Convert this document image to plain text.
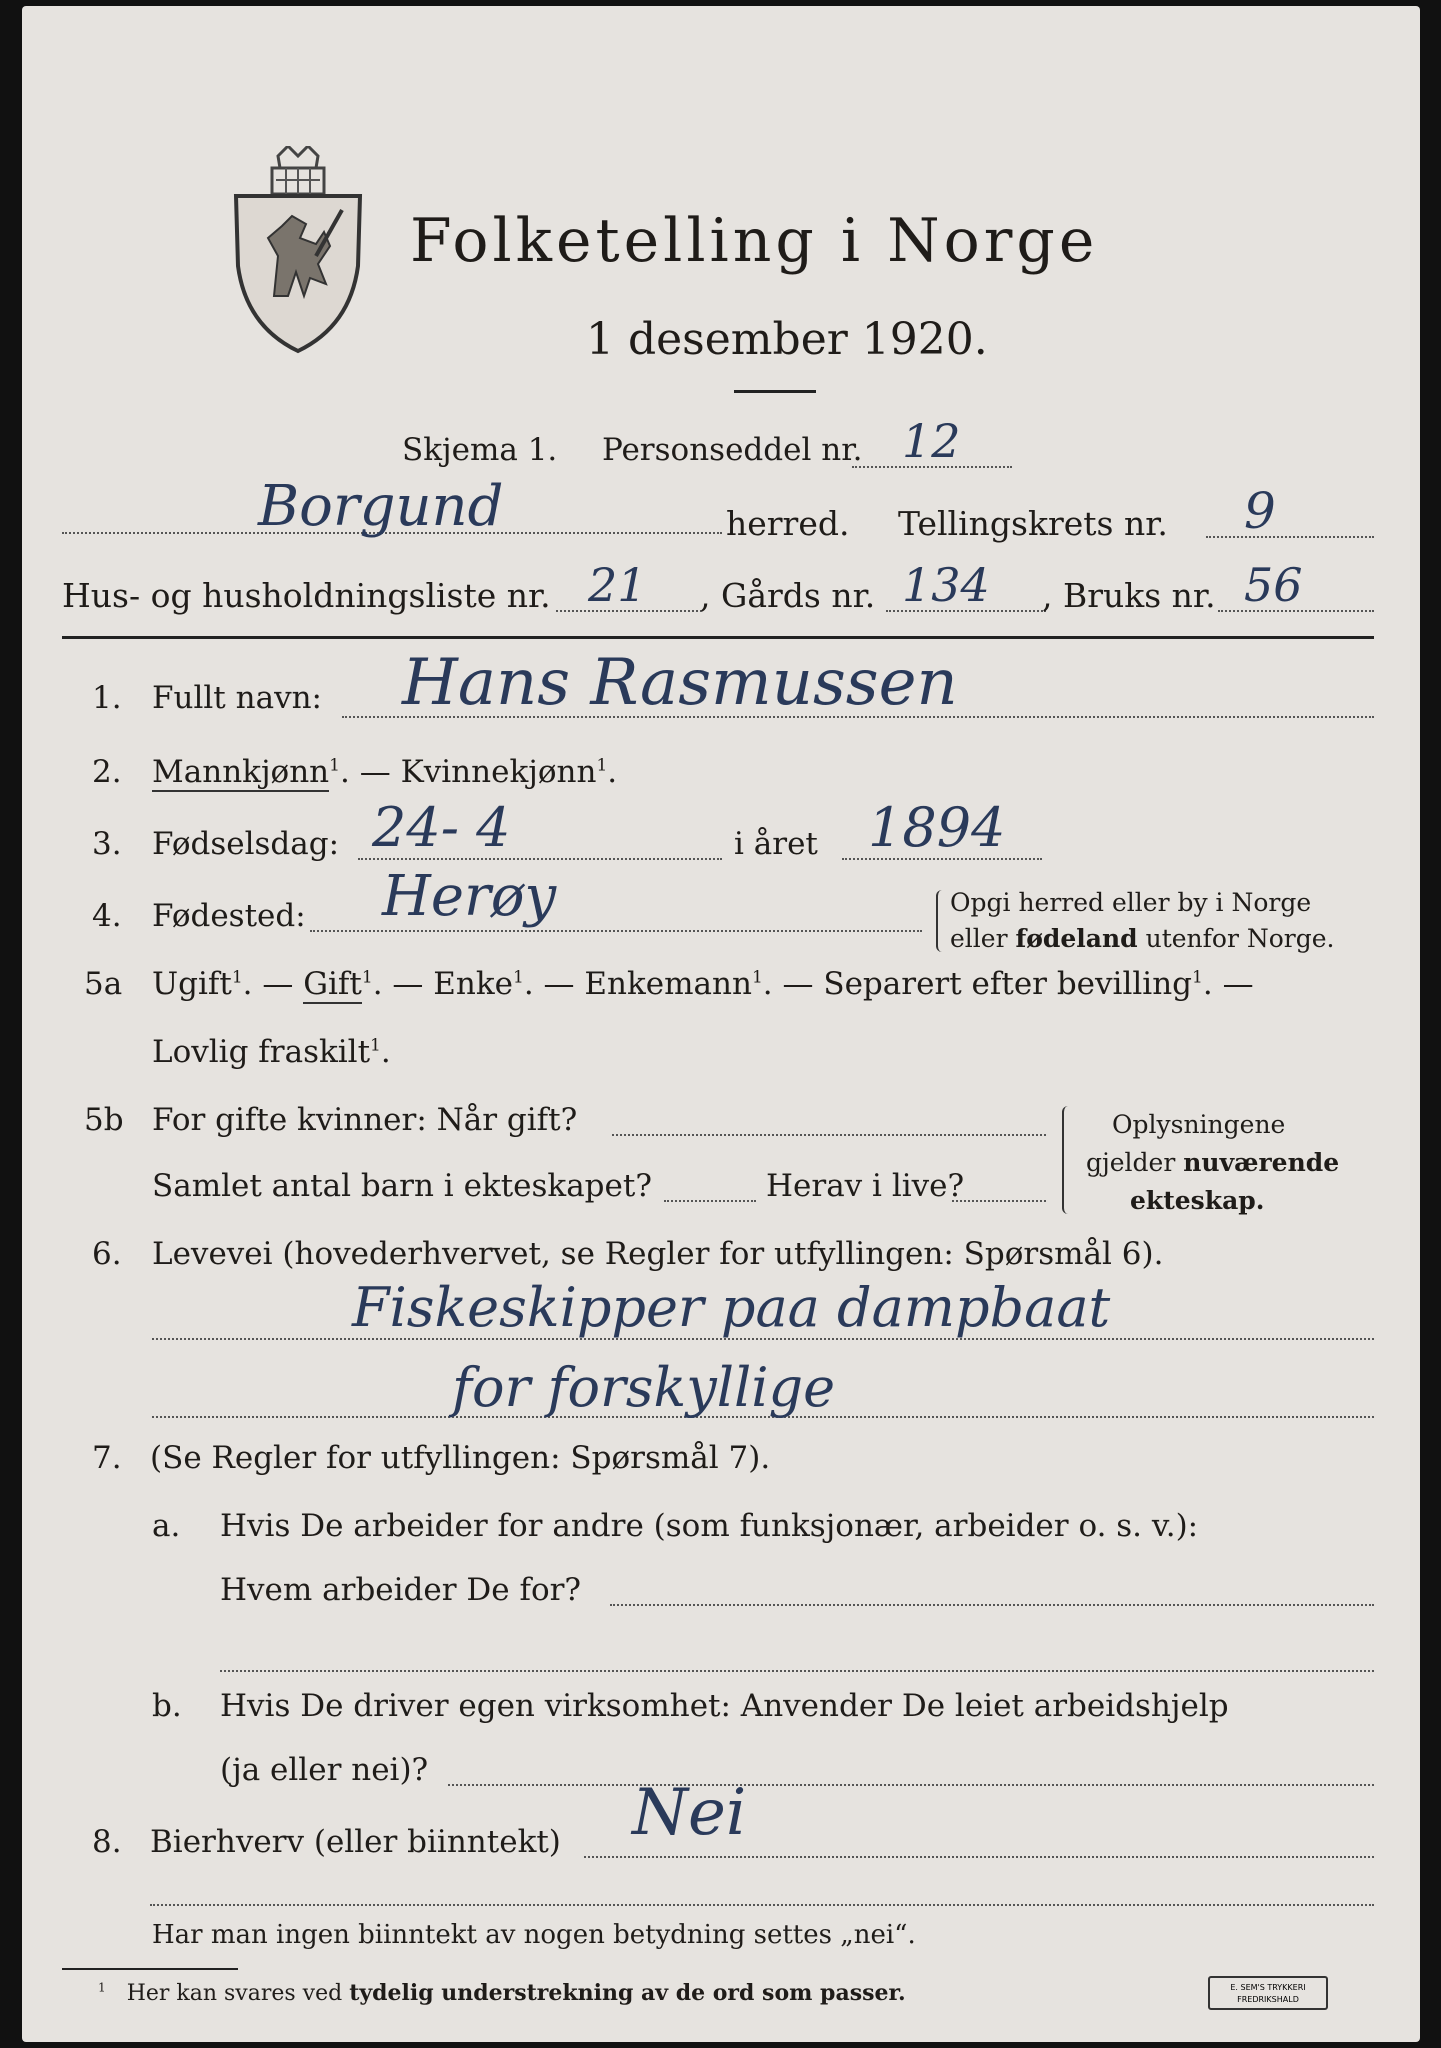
Folketelling i Norge
1 desember 1920.
Skjema 1. Personseddel nr. 12
Borgund	herred. Tellingskrets nr. 9
Hus- og husholdningsliste nr. 21 , Gårds nr. 134 , Bruks nr. 56
1. Fullt navn: Hans Rasmussen
2. Mannkjønn$^1$. — Kvinnekjønn$^1$.
3. Fødselsdag: 24- 4	i året 1894
4. Fødested: Herøy	Opgi herred eller by i Norge
eller fødeland utenfor Norge.
5a Ugift$^1$. — Gift$^1$. — Enke$^1$. — Enkemann$^1$. — Separert efter bevilling$^1$. —
Lovlig fraskilt$^1$.
5b For gifte kvinner: Når gift?
Samlet antal barn i ekteskapet?	Herav i live?
Oplysningene
gjelder nuværende
ekteskap.
6. Levevei (hovederhvervet, se Regler for utfyllingen: Spørsmål 6).
Fiskeskipper paa dampbaat
for forskyllige
7. (Se Regler for utfyllingen: Spørsmål 7).
a. Hvis De arbeider for andre (som funksjonær, arbeider o. s. v.):
Hvem arbeider De for?
b. Hvis De driver egen virksomhet: Anvender De leiet arbeidshjelp
(ja eller nei)?
8. Bierhverv (eller biinntekt) Nei
Har man ingen biinntekt av nogen betydning settes „nei“.
$^1$ Her kan svares ved tydelig understrekning av de ord som passer.	E. SEM'S TRYKKERI
FREDRIKSHALD
